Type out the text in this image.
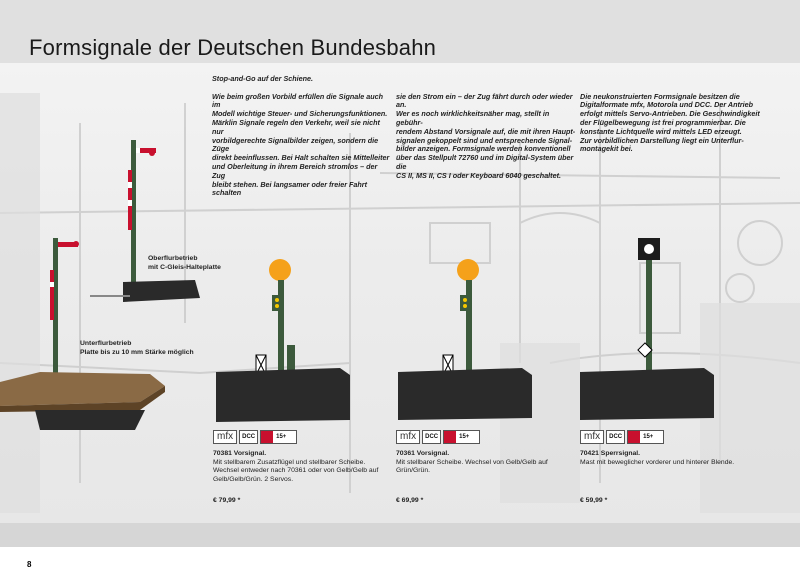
Formsignale der Deutschen Bundesbahn

Stop-and-Go auf der Schiene.

Wie beim großen Vorbild erfüllen die Signale auch im

Modell wichtige Steuer- und Sicherungsfunktionen.

Märklin Signale regeln den Verkehr, weil sie nicht nur

vorbildgerechte Signalbilder zeigen, sondern die Züge

direkt beeinflussen. Bei Halt schalten sie Mittelleiter

und Oberleitung in ihrem Bereich stromlos – der Zug

bleibt stehen. Bei langsamer oder freier Fahrt schalten

sie den Strom ein – der Zug fährt durch oder wieder an.

Wer es noch wirklichkeitsnäher mag, stellt in gebühr-

rendem Abstand Vorsignale auf, die mit ihren Haupt-

signalen gekoppelt sind und entsprechende Signal-

bilder anzeigen. Formsignale werden konventionell

über das Stellpult 72760 und im Digital-System über die

CS II, MS II, CS I oder Keyboard 6040 geschaltet.

Die neukonstruierten Formsignale besitzen die

Digitalformate mfx, Motorola und DCC. Der Antrieb

erfolgt mittels Servo-Antrieben. Die Geschwindigkeit

der Flügelbewegung ist frei programmierbar. Die

konstante Lichtquelle wird mittels LED erzeugt.

Zur vorbildlichen Darstellung liegt ein Unterflur-

montagekit bei.

Oberflurbetrieb
mit C-Gleis-Halteplatte
Unterflurbetrieb
Platte bis zu 10 mm Stärke möglich
mfx	DCC	15+	mfx	DCC	15+	mfx	DCC	15+
70381 Vorsignal.
Mit stellbarem Zusatzflügel und stellbarer Scheibe.
Wechsel entweder nach 70361 oder von Gelb/Gelb auf
Gelb/Gelb/Grün. 2 Servos.
€ 79,99 *
70361 Vorsignal.
Mit stellbarer Scheibe. Wechsel von Gelb/Gelb auf
Grün/Grün.
€ 69,99 *
70421 Sperrsignal.
Mast mit beweglicher vorderer und hinterer Blende.
€ 59,99 *
8
